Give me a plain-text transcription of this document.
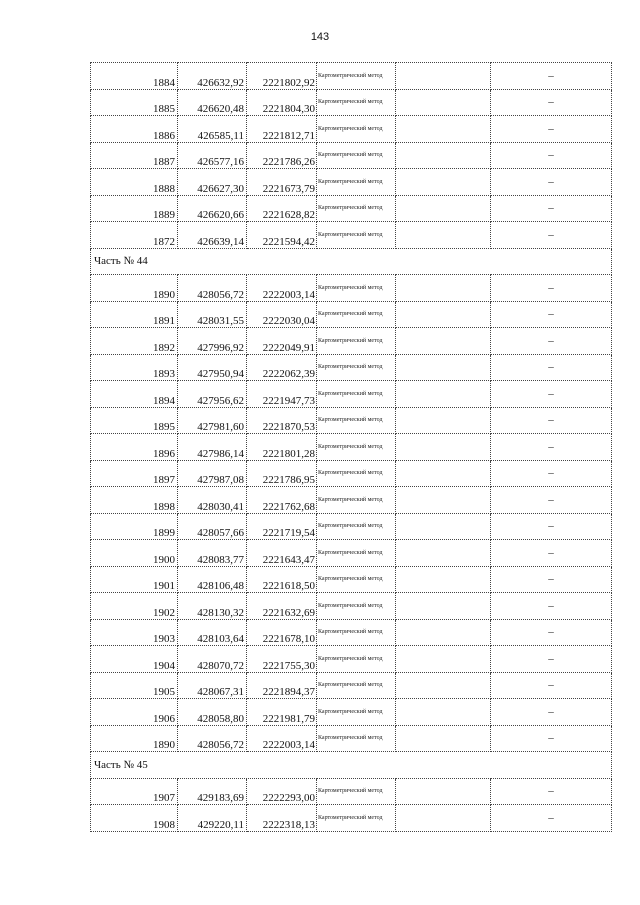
143
1884	426632,92	2221802,92	Картометрический метод		–
1885	426620,48	2221804,30	Картометрический метод		–
1886	426585,11	2221812,71	Картометрический метод		–
1887	426577,16	2221786,26	Картометрический метод		–
1888	426627,30	2221673,79	Картометрический метод		–
1889	426620,66	2221628,82	Картометрический метод		–
1872	426639,14	2221594,42	Картометрический метод		–
Часть № 44					
1890	428056,72	2222003,14	Картометрический метод		–
1891	428031,55	2222030,04	Картометрический метод		–
1892	427996,92	2222049,91	Картометрический метод		–
1893	427950,94	2222062,39	Картометрический метод		–
1894	427956,62	2221947,73	Картометрический метод		–
1895	427981,60	2221870,53	Картометрический метод		–
1896	427986,14	2221801,28	Картометрический метод		–
1897	427987,08	2221786,95	Картометрический метод		–
1898	428030,41	2221762,68	Картометрический метод		–
1899	428057,66	2221719,54	Картометрический метод		–
1900	428083,77	2221643,47	Картометрический метод		–
1901	428106,48	2221618,50	Картометрический метод		–
1902	428130,32	2221632,69	Картометрический метод		–
1903	428103,64	2221678,10	Картометрический метод		–
1904	428070,72	2221755,30	Картометрический метод		–
1905	428067,31	2221894,37	Картометрический метод		–
1906	428058,80	2221981,79	Картометрический метод		–
1890	428056,72	2222003,14	Картометрический метод		–
Часть № 45					
1907	429183,69	2222293,00	Картометрический метод		–
1908	429220,11	2222318,13	Картометрический метод		–
